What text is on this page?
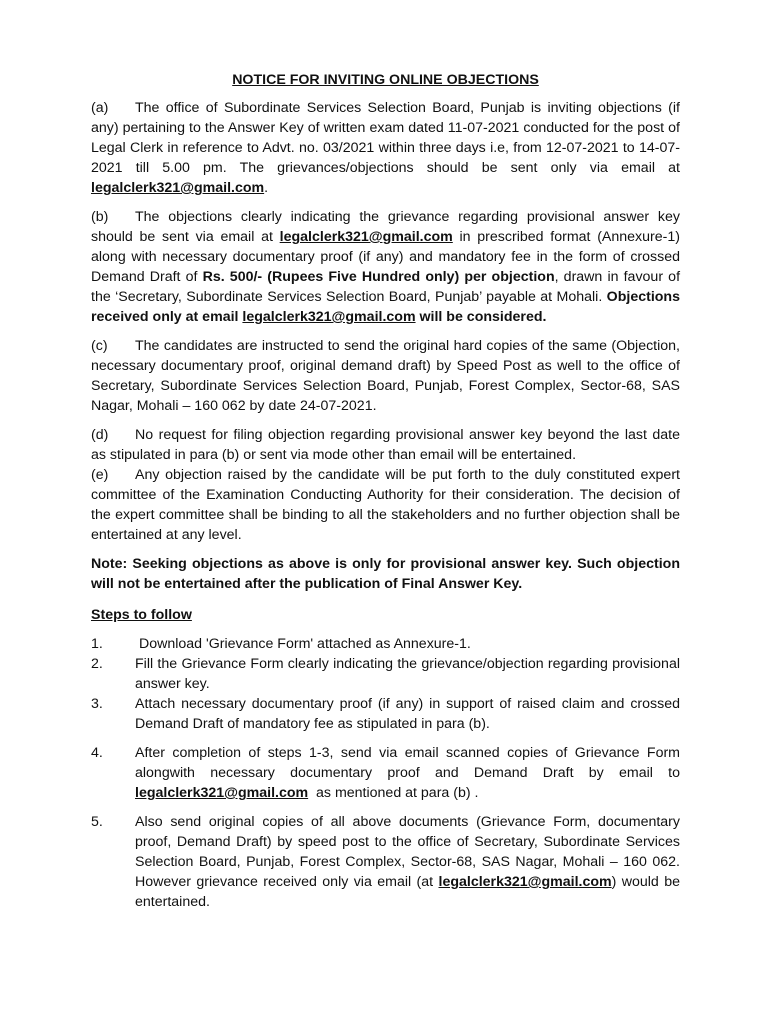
NOTICE FOR INVITING ONLINE OBJECTIONS

(a) The office of Subordinate Services Selection Board, Punjab is inviting objections (if any) pertaining to the Answer Key of written exam dated 11-07-2021 conducted for the post of Legal Clerk in reference to Advt. no. 03/2021 within three days i.e, from 12-07-2021 to 14-07-2021 till 5.00 pm. The grievances/objections should be sent only via email at legalclerk321@gmail.com.

(b) The objections clearly indicating the grievance regarding provisional answer key should be sent via email at legalclerk321@gmail.com in prescribed format (Annexure-1) along with necessary documentary proof (if any) and mandatory fee in the form of crossed Demand Draft of Rs. 500/- (Rupees Five Hundred only) per objection, drawn in favour of the ‘Secretary, Subordinate Services Selection Board, Punjab’ payable at Mohali. Objections received only at email legalclerk321@gmail.com will be considered.

(c) The candidates are instructed to send the original hard copies of the same (Objection, necessary documentary proof, original demand draft) by Speed Post as well to the office of Secretary, Subordinate Services Selection Board, Punjab, Forest Complex, Sector-68, SAS Nagar, Mohali – 160 062 by date 24-07-2021.

(d) No request for filing objection regarding provisional answer key beyond the last date as stipulated in para (b) or sent via mode other than email will be entertained.

(e) Any objection raised by the candidate will be put forth to the duly constituted expert committee of the Examination Conducting Authority for their consideration. The decision of the expert committee shall be binding to all the stakeholders and no further objection shall be entertained at any level.

Note: Seeking objections as above is only for provisional answer key. Such objection will not be entertained after the publication of Final Answer Key.

Steps to follow
1.	Download 'Grievance Form' attached as Annexure-1.
2.	Fill the Grievance Form clearly indicating the grievance/objection regarding provisional answer key.
3.	Attach necessary documentary proof (if any) in support of raised claim and crossed Demand Draft of mandatory fee as stipulated in para (b).
4.	After completion of steps 1-3, send via email scanned copies of Grievance Form alongwith necessary documentary proof and Demand Draft by email to legalclerk321@gmail.com  as mentioned at para (b) .
5.	Also send original copies of all above documents (Grievance Form, documentary proof, Demand Draft) by speed post to the office of Secretary, Subordinate Services Selection Board, Punjab, Forest Complex, Sector-68, SAS Nagar, Mohali – 160 062. However grievance received only via email (at legalclerk321@gmail.com) would be entertained.
